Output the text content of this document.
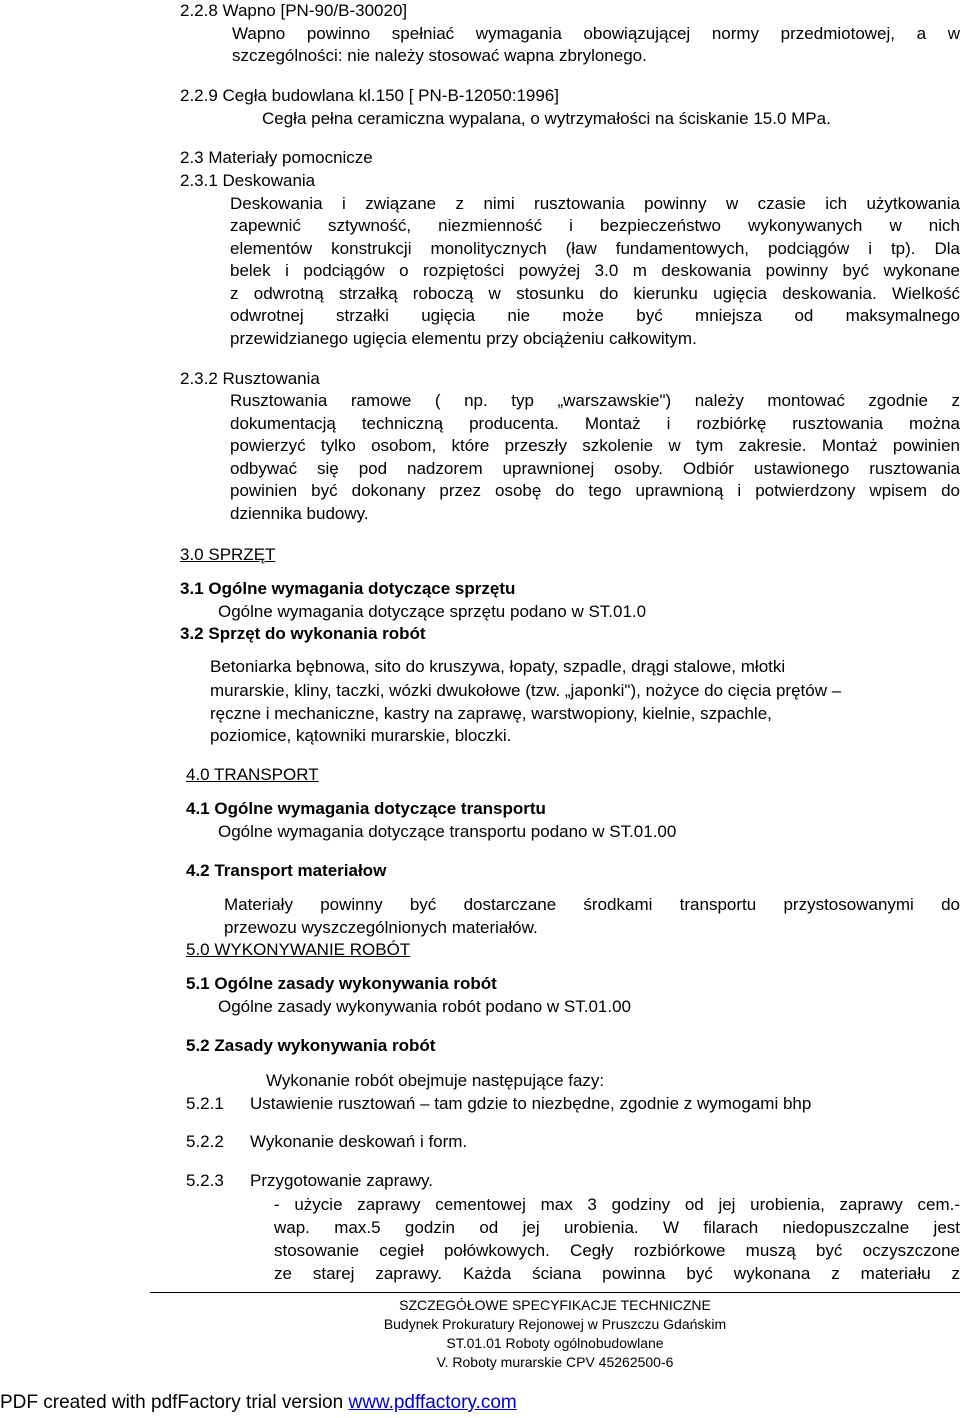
2.2.8 Wapno [PN-90/B-30020]
Wapno powinno spełniać wymagania obowiązującej normy przedmiotowej, a w
szczególności: nie należy stosować wapna zbrylonego.
2.2.9 Cegła budowlana kl.150 [ PN-B-12050:1996]
Cegła pełna ceramiczna wypalana, o wytrzymałości na ściskanie 15.0 MPa.
2.3 Materiały pomocnicze
2.3.1 Deskowania
Deskowania i związane z nimi rusztowania powinny w czasie ich użytkowania
zapewnić sztywność, niezmienność i bezpieczeństwo wykonywanych w nich
elementów konstrukcji monolitycznych (ław fundamentowych, podciągów i tp). Dla
belek i podciągów o rozpiętości powyżej 3.0 m deskowania powinny być wykonane
z odwrotną strzałką roboczą w stosunku do kierunku ugięcia deskowania. Wielkość
odwrotnej strzałki ugięcia nie może być mniejsza od maksymalnego
przewidzianego ugięcia elementu przy obciążeniu całkowitym.
2.3.2 Rusztowania
Rusztowania ramowe ( np. typ „warszawskie") należy montować zgodnie z
dokumentacją techniczną producenta. Montaż i rozbiórkę rusztowania można
powierzyć tylko osobom, które przeszły szkolenie w tym zakresie. Montaż powinien
odbywać się pod nadzorem uprawnionej osoby. Odbiór ustawionego rusztowania
powinien być dokonany przez osobę do tego uprawnioną i potwierdzony wpisem do
dziennika budowy.
3.0 SPRZĘT
3.1 Ogólne wymagania dotyczące sprzętu
Ogólne wymagania dotyczące sprzętu podano w ST.01.0
3.2 Sprzęt do wykonania robót
Betoniarka bębnowa, sito do kruszywa, łopaty, szpadle, drągi stalowe, młotki
murarskie, kliny, taczki, wózki dwukołowe (tzw. „japonki"), nożyce do cięcia prętów –
ręczne i mechaniczne, kastry na zaprawę, warstwopiony, kielnie, szpachle,
poziomice, kątowniki murarskie, bloczki.
4.0 TRANSPORT
4.1 Ogólne wymagania dotyczące transportu
Ogólne wymagania dotyczące transportu podano w ST.01.00
4.2 Transport materiałow
Materiały powinny być dostarczane środkami transportu przystosowanymi do
przewozu wyszczególnionych materiałów.
5.0 WYKONYWANIE ROBÓT
5.1 Ogólne zasady wykonywania robót
Ogólne zasady wykonywania robót podano w ST.01.00
5.2 Zasady wykonywania robót
Wykonanie robót obejmuje następujące fazy:
5.2.1 Ustawienie rusztowań – tam gdzie to niezbędne, zgodnie z wymogami bhp
5.2.2 Wykonanie deskowań i form.
5.2.3 Przygotowanie zaprawy.
- użycie zaprawy cementowej max 3 godziny od jej urobienia, zaprawy cem.-
wap. max.5 godzin od jej urobienia. W filarach niedopuszczalne jest
stosowanie cegieł połówkowych. Cegły rozbiórkowe muszą być oczyszczone
ze starej zaprawy. Każda ściana powinna być wykonana z materiału z
SZCZEGÓŁOWE SPECYFIKACJE TECHNICZNE
Budynek Prokuratury Rejonowej w Pruszczu Gdańskim
ST.01.01 Roboty ogólnobudowlane
V. Roboty murarskie CPV 45262500-6
PDF created with pdfFactory trial version www.pdffactory.com
